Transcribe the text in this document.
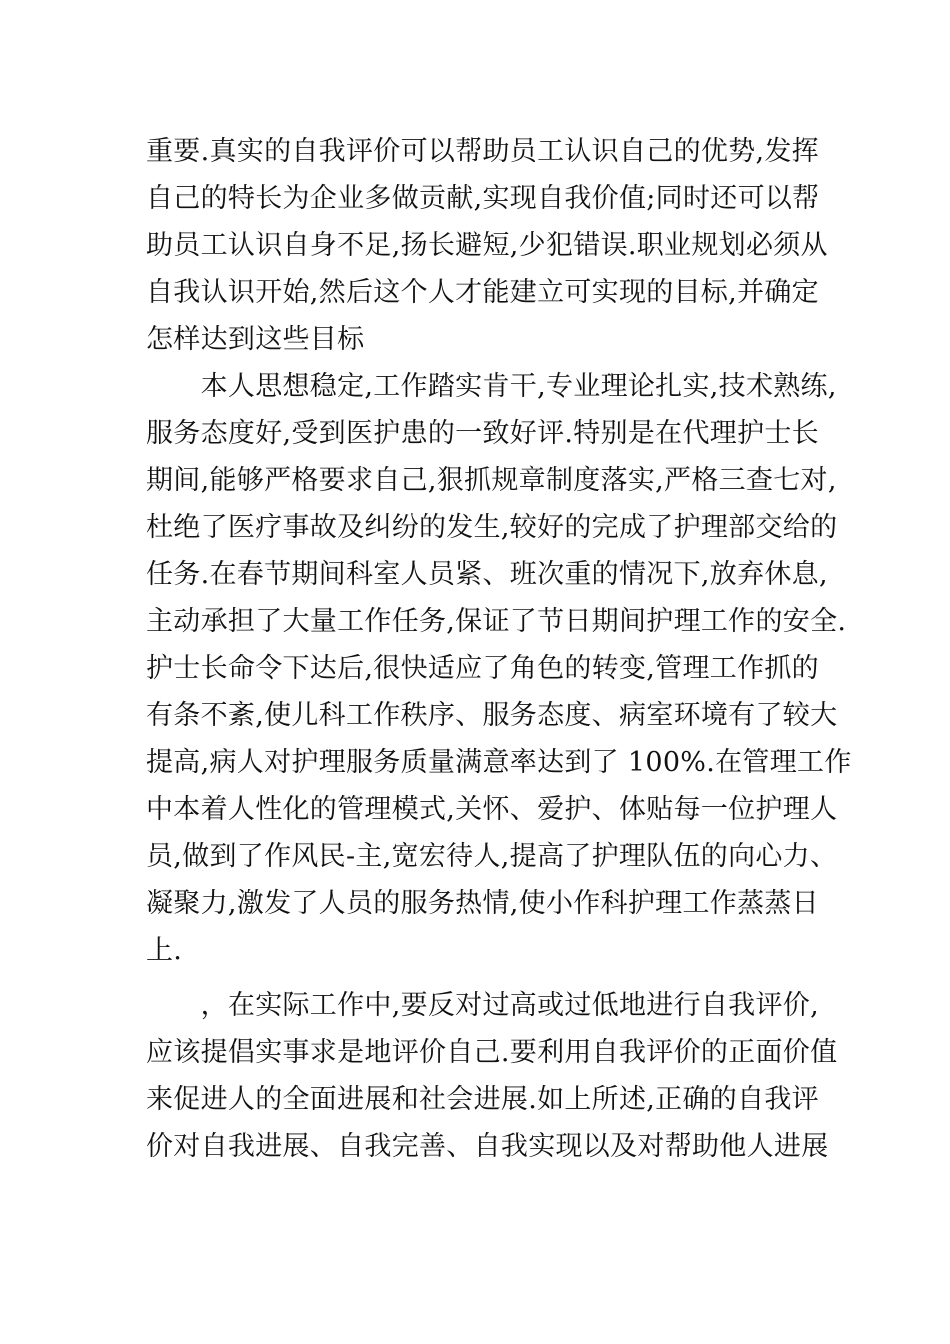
重要.真实的自我评价可以帮助员工认识自己的优势,发挥
自己的特长为企业多做贡献,实现自我价值;同时还可以帮
助员工认识自身不足,扬长避短,少犯错误.职业规划必须从
自我认识开始,然后这个人才能建立可实现的目标,并确定
怎样达到这些目标
　　本人思想稳定,工作踏实肯干,专业理论扎实,技术熟练,
服务态度好,受到医护患的一致好评.特别是在代理护士长
期间,能够严格要求自己,狠抓规章制度落实,严格三查七对,
杜绝了医疗事故及纠纷的发生,较好的完成了护理部交给的
任务.在春节期间科室人员紧、班次重的情况下,放弃休息,
主动承担了大量工作任务,保证了节日期间护理工作的安全.
护士长命令下达后,很快适应了角色的转变,管理工作抓的
有条不紊,使儿科工作秩序、服务态度、病室环境有了较大
提高,病人对护理服务质量满意率达到了 100%.在管理工作
中本着人性化的管理模式,关怀、爱护、体贴每一位护理人
员,做到了作风民-主,宽宏待人,提高了护理队伍的向心力、
凝聚力,激发了人员的服务热情,使小作科护理工作蒸蒸日
上.
　　，在实际工作中,要反对过高或过低地进行自我评价,
应该提倡实事求是地评价自己.要利用自我评价的正面价值
来促进人的全面进展和社会进展.如上所述,正确的自我评
价对自我进展、自我完善、自我实现以及对帮助他人进展
